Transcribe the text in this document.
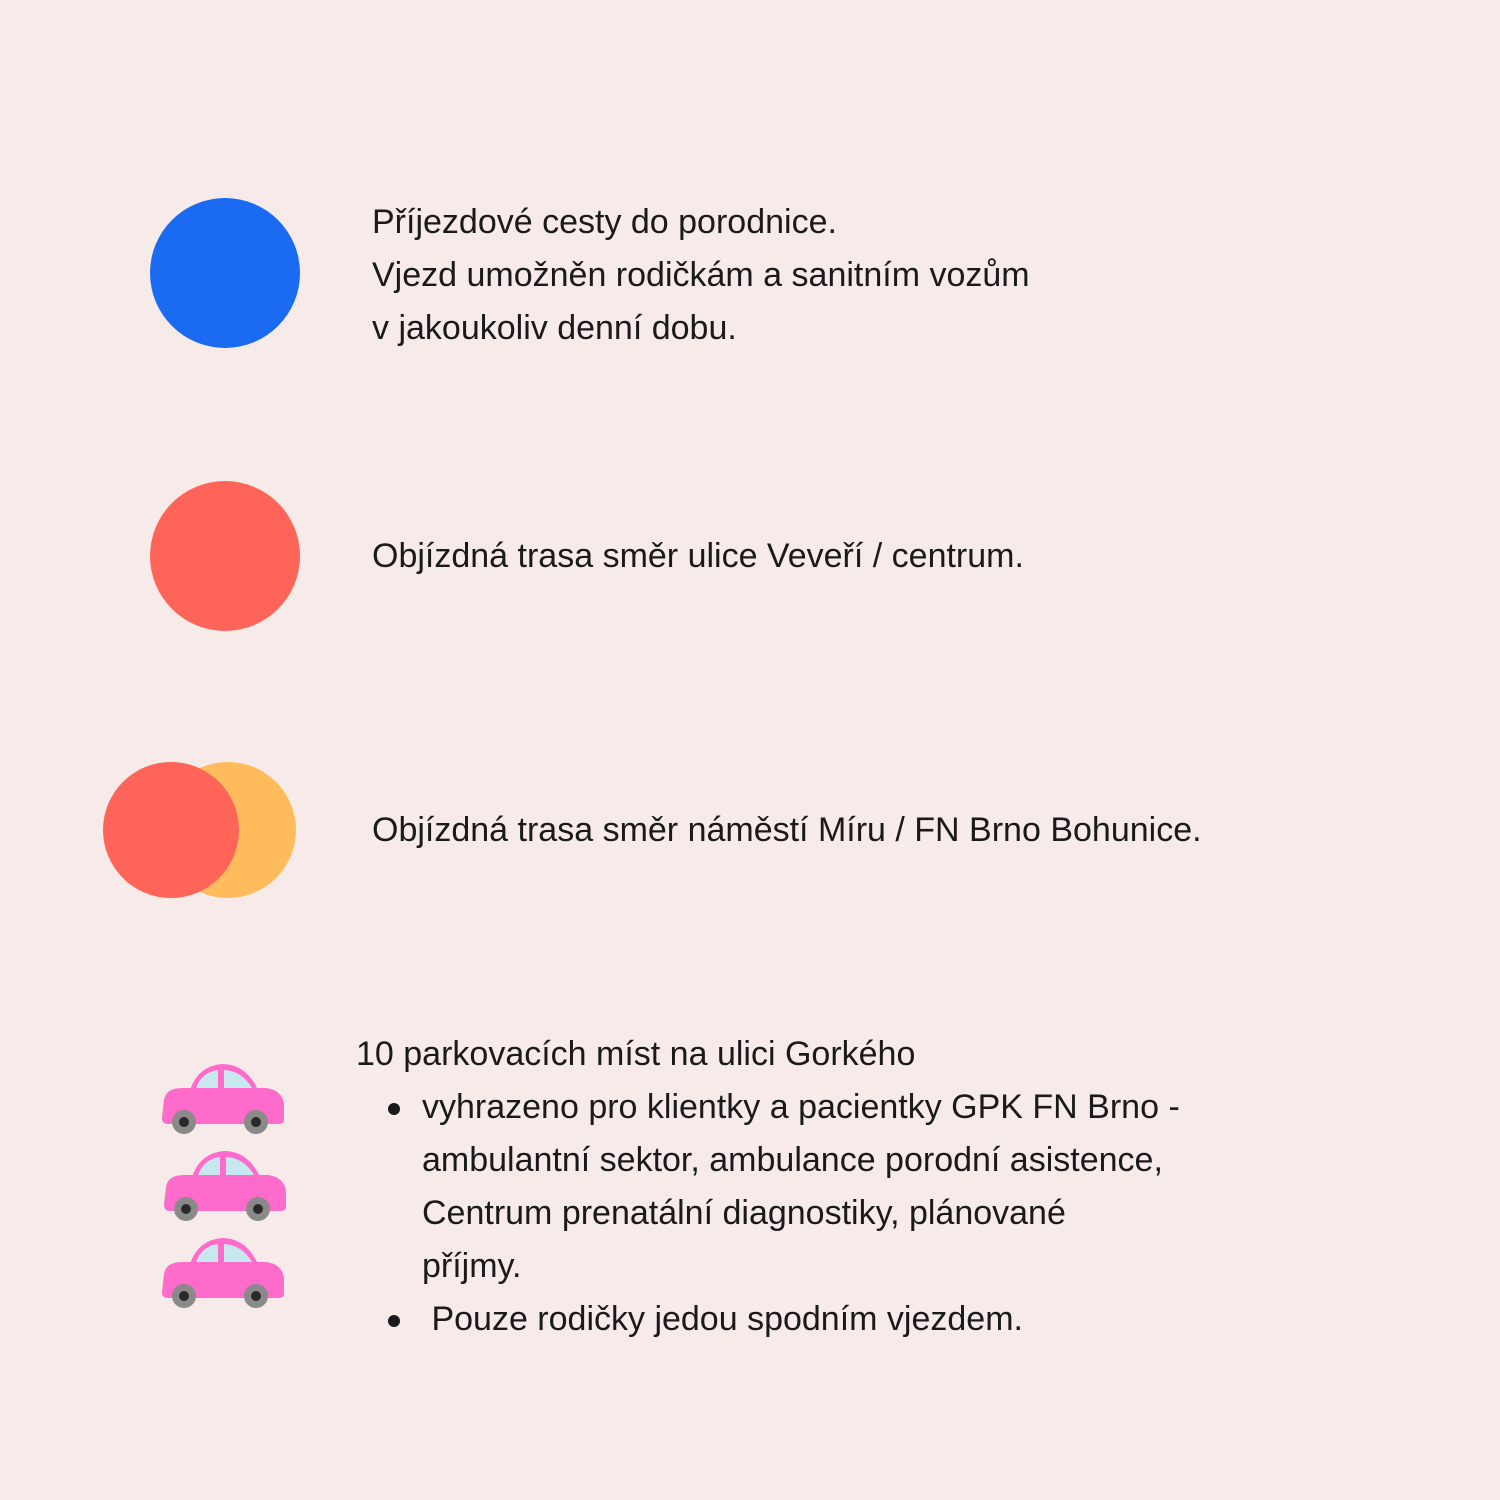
Příjezdové cesty do porodnice.
Vjezd umožněn rodičkám a sanitním vozům
v jakoukoliv denní dobu.
Objízdná trasa směr ulice Veveří / centrum.
Objízdná trasa směr náměstí Míru / FN Brno Bohunice.
10 parkovacích míst na ulici Gorkého
vyhrazeno pro klientky a pacientky GPK FN Brno -
ambulantní sektor, ambulance porodní asistence,
Centrum prenatální diagnostiky, plánované
příjmy.
Pouze rodičky jedou spodním vjezdem.
